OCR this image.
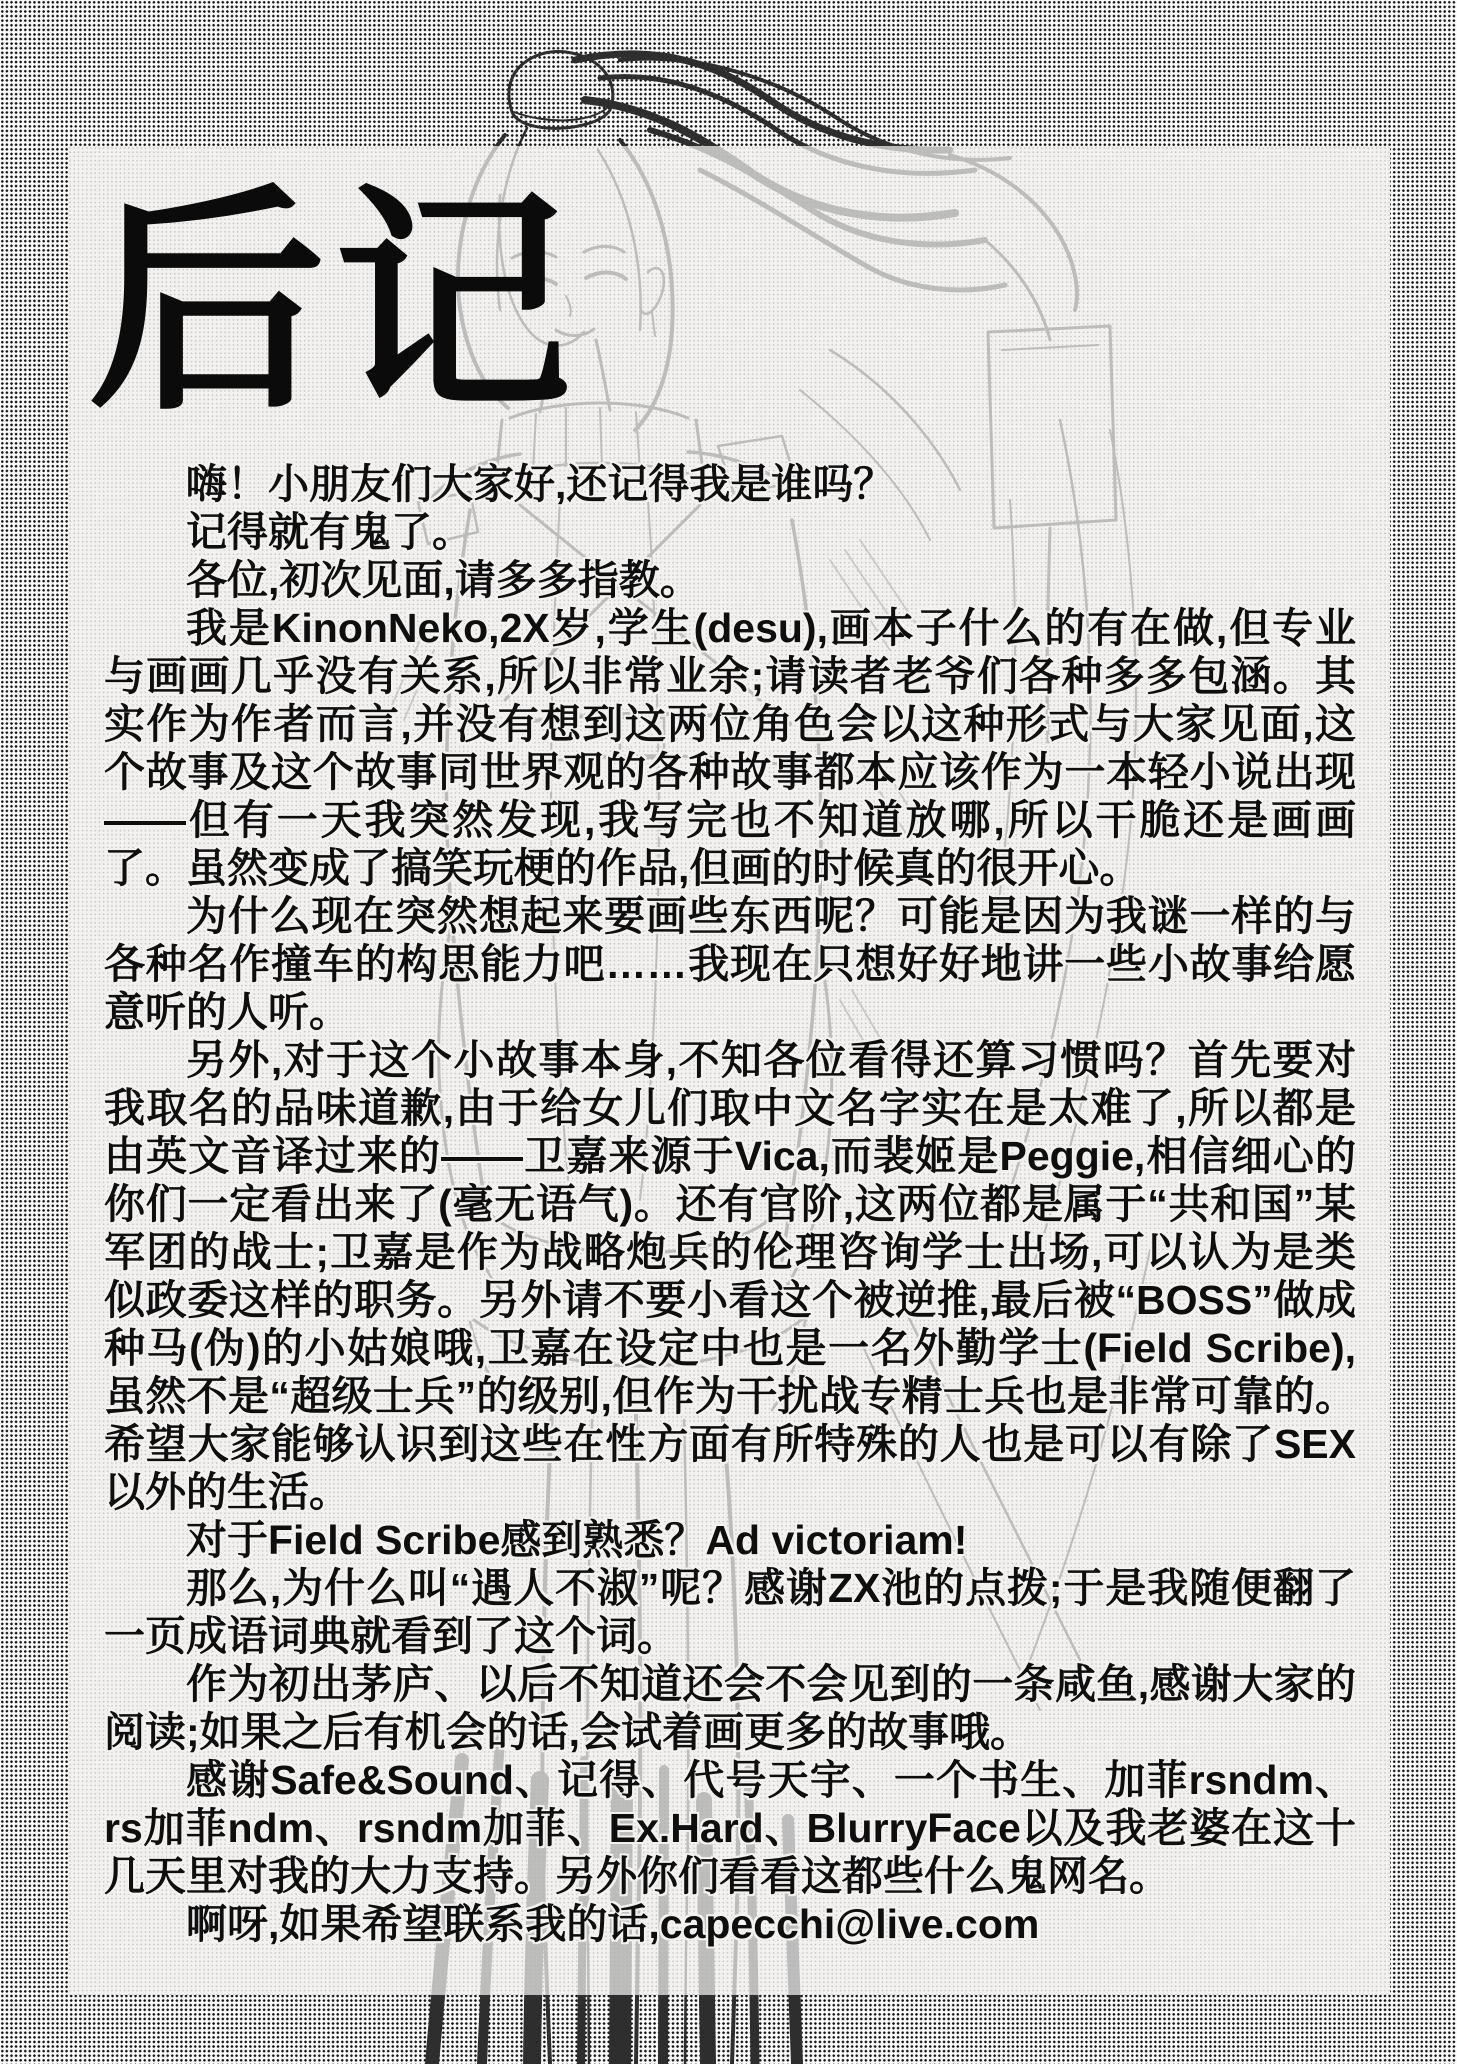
后记

嗨！小朋友们大家好,还记得我是谁吗？

记得就有鬼了。

各位,初次见面,请多多指教。

我是KinonNeko,2X岁,学生(desu),画本子什么的有在做,但专业与画画几乎没有关系,所以非常业余;请读者老爷们各种多多包涵。其实作为作者而言,并没有想到这两位角色会以这种形式与大家见面,这个故事及这个故事同世界观的各种故事都本应该作为一本轻小说出现——但有一天我突然发现,我写完也不知道放哪,所以干脆还是画画了。虽然变成了搞笑玩梗的作品,但画的时候真的很开心。

为什么现在突然想起来要画些东西呢？可能是因为我谜一样的与各种名作撞车的构思能力吧……我现在只想好好地讲一些小故事给愿意听的人听。

另外,对于这个小故事本身,不知各位看得还算习惯吗？首先要对我取名的品味道歉,由于给女儿们取中文名字实在是太难了,所以都是由英文音译过来的——卫嘉来源于Vica,而裴姬是Peggie,相信细心的你们一定看出来了(毫无语气)。还有官阶,这两位都是属于“共和国”某军团的战士;卫嘉是作为战略炮兵的伦理咨询学士出场,可以认为是类似政委这样的职务。另外请不要小看这个被逆推,最后被“BOSS”做成种马(伪)的小姑娘哦,卫嘉在设定中也是一名外勤学士(Field Scribe),虽然不是“超级士兵”的级别,但作为干扰战专精士兵也是非常可靠的。希望大家能够认识到这些在性方面有所特殊的人也是可以有除了SEX以外的生活。

对于Field Scribe感到熟悉？Ad victoriam!

那么,为什么叫“遇人不淑”呢？感谢ZX池的点拨;于是我随便翻了一页成语词典就看到了这个词。

作为初出茅庐、以后不知道还会不会见到的一条咸鱼,感谢大家的阅读;如果之后有机会的话,会试着画更多的故事哦。

感谢Safe&Sound、记得、代号天宇、一个书生、加菲rsndm、rs加菲ndm、rsndm加菲、Ex.Hard、BlurryFace以及我老婆在这十几天里对我的大力支持。另外你们看看这都些什么鬼网名。

啊呀,如果希望联系我的话,capecchi@live.com
